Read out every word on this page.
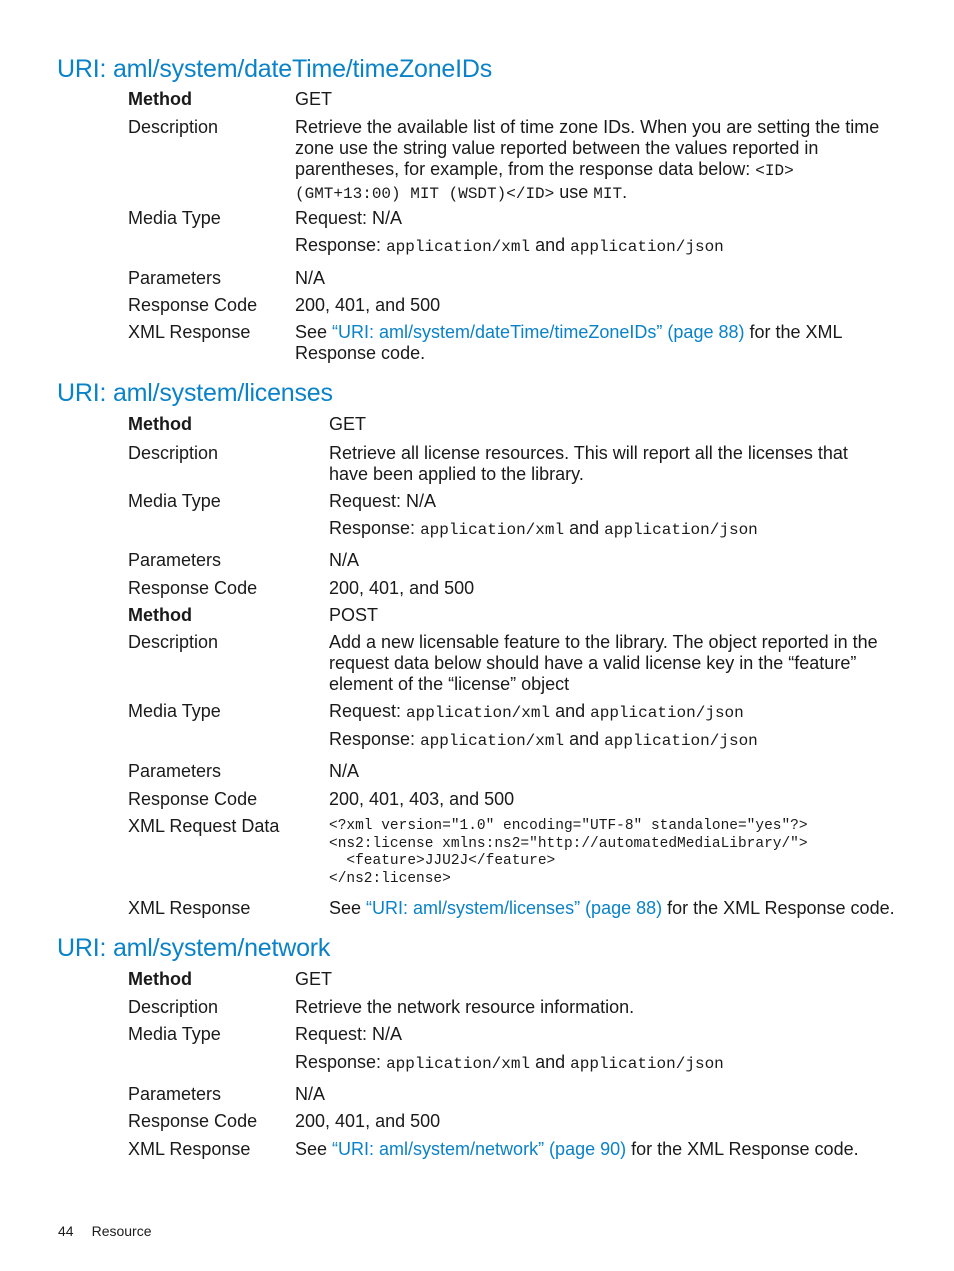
URI: aml/system/dateTime/timeZoneIDs
Method	GET
Description	Retrieve the available list of time zone IDs. When you are setting the time zone use the string value reported between the values reported in parentheses, for example, from the response data below: <ID>(GMT+13:00) MIT (WSDT)</ID> use MIT.
Media Type	Request: N/A
Response: application/xml and application/json
Parameters	N/A
Response Code 200, 401, and 500
XML Response See “URI: aml/system/dateTime/timeZoneIDs” (page 88) for the XML Response code.
URI: aml/system/licenses
Method	GET
Description	Retrieve all license resources. This will report all the licenses that have been applied to the library.
Media Type	Request: N/A
Response: application/xml and application/json
Parameters	N/A
Response Code	200, 401, and 500
Method	POST
Description	Add a new licensable feature to the library. The object reported in the request data below should have a valid license key in the “feature” element of the “license” object
Media Type	Request: application/xml and application/json
Response: application/xml and application/json
Parameters	N/A
Response Code	200, 401, 403, and 500
XML Request Data	<?xml version="1.0" encoding="UTF-8" standalone="yes"?>
<ns2:license xmlns:ns2="http://automatedMediaLibrary/">
<feature>JJU2J</feature>
</ns2:license>
XML Response	See “URI: aml/system/licenses” (page 88) for the XML Response code.
URI: aml/system/network
Method	GET
Description	Retrieve the network resource information.
Media Type	Request: N/A
Response: application/xml and application/json
Parameters	N/A
Response Code 200, 401, and 500
XML Response See “URI: aml/system/network” (page 90) for the XML Response code.
44 Resource
